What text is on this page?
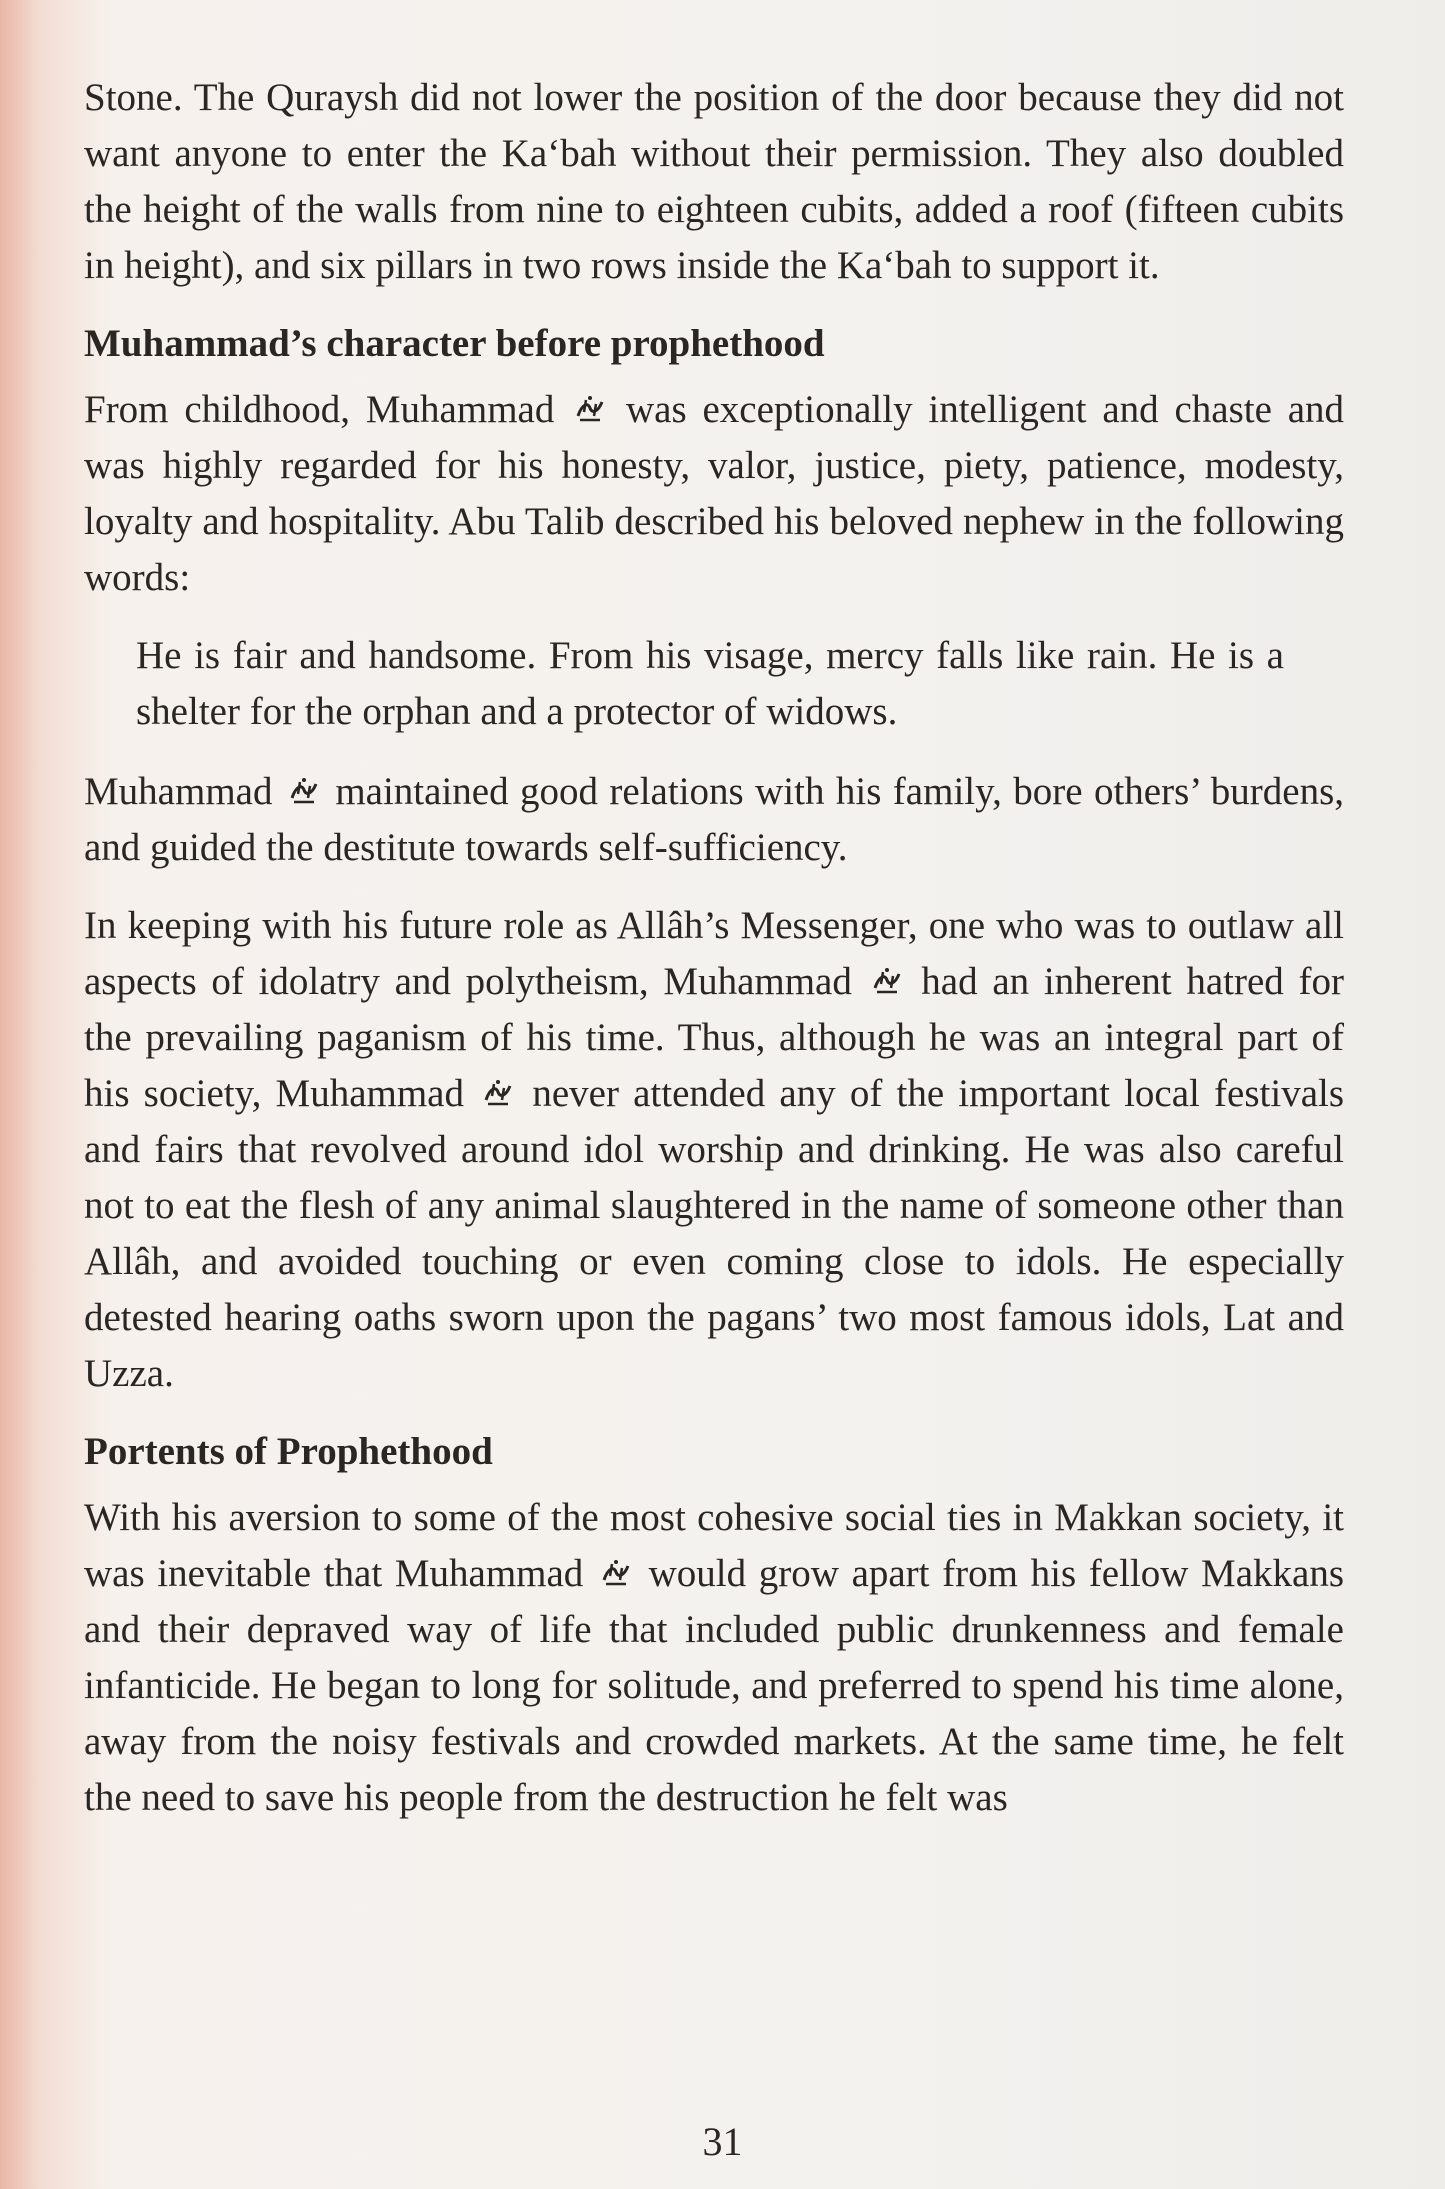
Stone. The Quraysh did not lower the position of the door because they did not want anyone to enter the Ka‘bah without their permission. They also doubled the height of the walls from nine to eighteen cubits, added a roof (fifteen cubits in height), and six pillars in two rows inside the Ka‘bah to support it.

Muhammad’s character before prophethood

From childhood, Muhammad was exceptionally intelligent and chaste and was highly regarded for his honesty, valor, justice, piety, patience, modesty, loyalty and hospitality. Abu Talib described his beloved nephew in the following words:

He is fair and handsome. From his visage, mercy falls like rain. He is a shelter for the orphan and a protector of widows.

Muhammad maintained good relations with his family, bore others’ burdens, and guided the destitute towards self-sufficiency.

In keeping with his future role as Allâh’s Messenger, one who was to outlaw all aspects of idolatry and polytheism, Muhammad had an inherent hatred for the prevailing paganism of his time. Thus, although he was an integral part of his society, Muhammad never attended any of the important local festivals and fairs that revolved around idol worship and drinking. He was also careful not to eat the flesh of any animal slaughtered in the name of someone other than Allâh, and avoided touching or even coming close to idols. He especially detested hearing oaths sworn upon the pagans’ two most famous idols, Lat and Uzza.

Portents of Prophethood

With his aversion to some of the most cohesive social ties in Makkan society, it was inevitable that Muhammad would grow apart from his fellow Makkans and their depraved way of life that included public drunkenness and female infanticide. He began to long for solitude, and preferred to spend his time alone, away from the noisy festivals and crowded markets. At the same time, he felt the need to save his people from the destruction he felt was

31
